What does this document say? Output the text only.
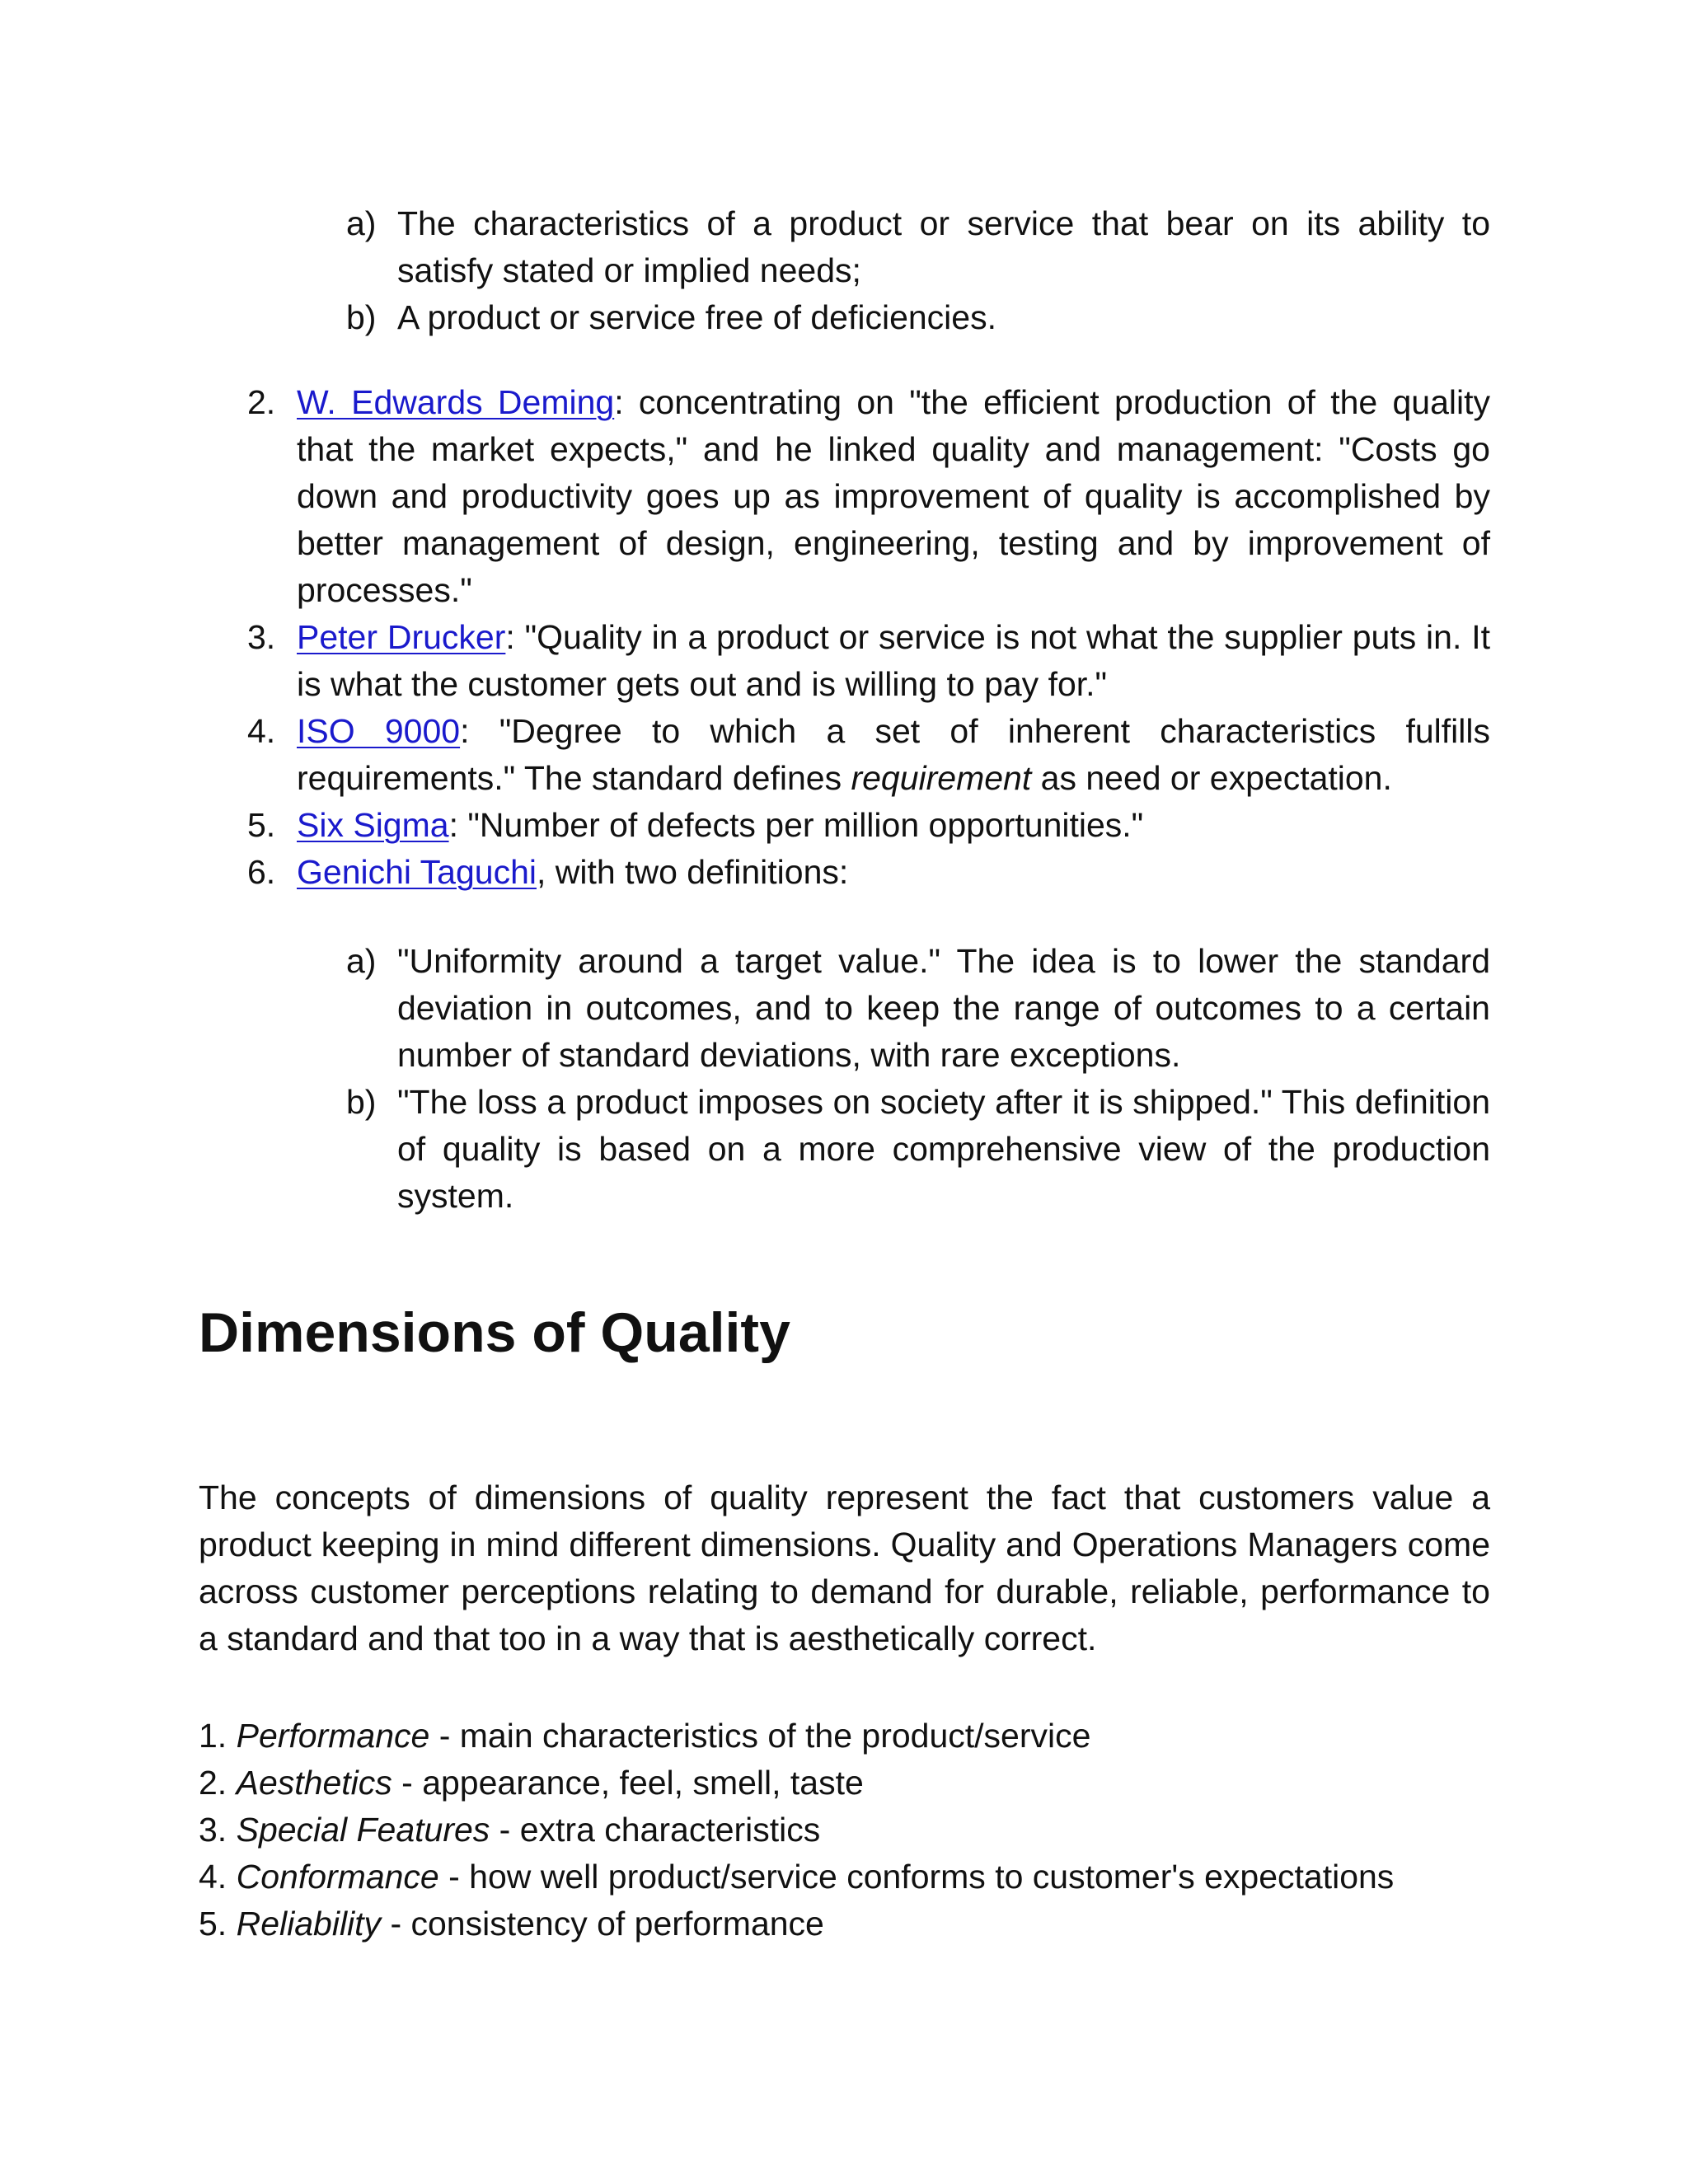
a) The characteristics of a product or service that bear on its ability to satisfy stated or implied needs;
b) A product or service free of deficiencies.
2. W. Edwards Deming: concentrating on "the efficient production of the quality that the market expects," and he linked quality and management: "Costs go down and productivity goes up as improvement of quality is accomplished by better management of design, engineering, testing and by improvement of processes."
3. Peter Drucker: "Quality in a product or service is not what the supplier puts in. It is what the customer gets out and is willing to pay for."
4. ISO 9000: "Degree to which a set of inherent characteristics fulfills requirements." The standard defines requirement as need or expectation.
5. Six Sigma: "Number of defects per million opportunities."
6. Genichi Taguchi, with two definitions:
a) "Uniformity around a target value." The idea is to lower the standard deviation in outcomes, and to keep the range of outcomes to a certain number of standard deviations, with rare exceptions.
b) "The loss a product imposes on society after it is shipped." This definition of quality is based on a more comprehensive view of the production system.
Dimensions of Quality

The concepts of dimensions of quality represent the fact that customers value a product keeping in mind different dimensions. Quality and Operations Managers come across customer perceptions relating to demand for durable, reliable, performance to a standard and that too in a way that is aesthetically correct.

1. Performance - main characteristics of the product/service
2. Aesthetics - appearance, feel, smell, taste
3. Special Features - extra characteristics
4. Conformance - how well product/service conforms to customer's expectations
5. Reliability - consistency of performance
